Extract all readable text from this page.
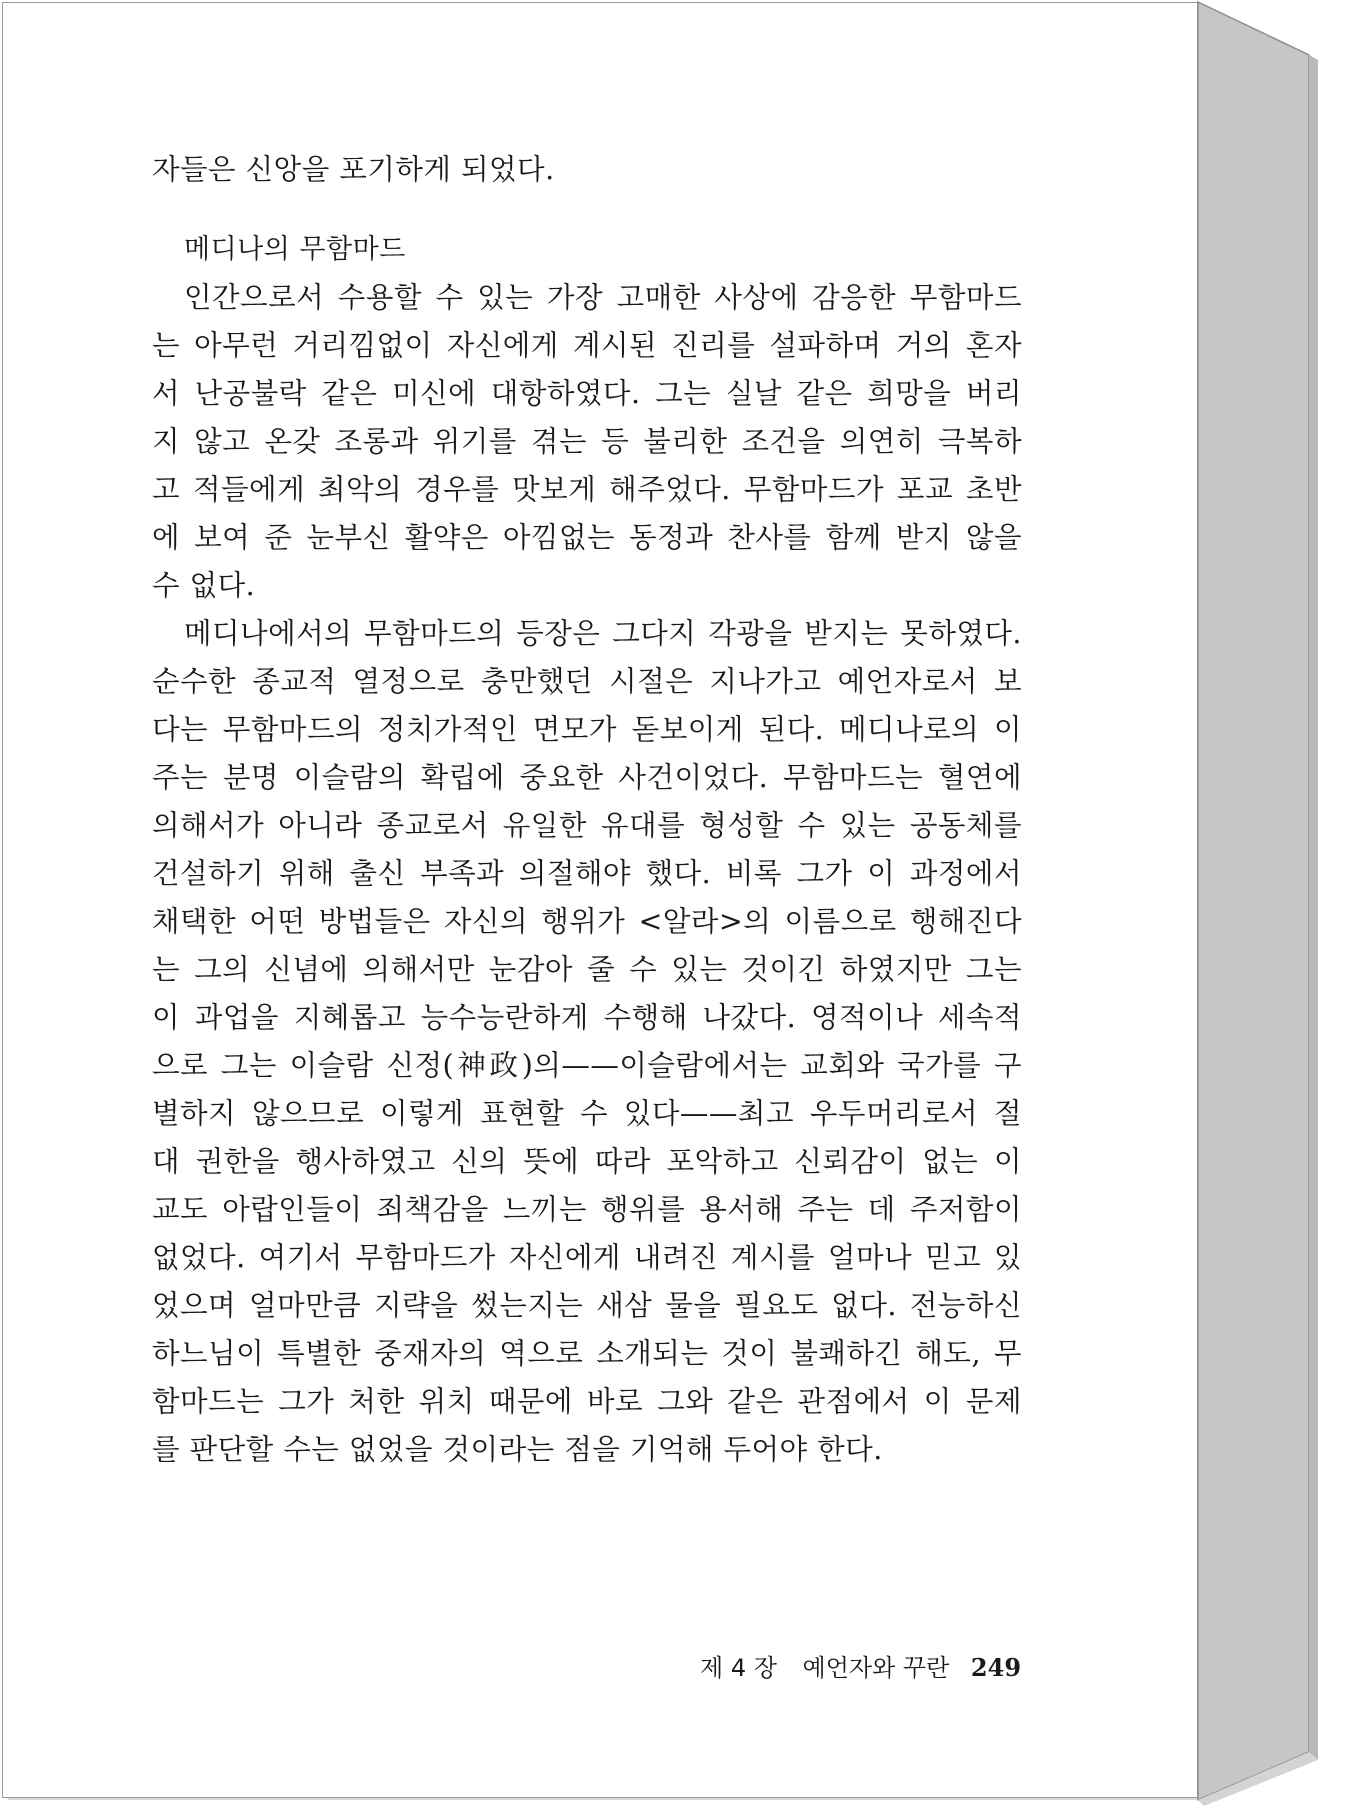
자들은 신앙을 포기하게 되었다.
메디나의 무함마드
인간으로서 수용할 수 있는 가장 고매한 사상에 감응한 무함마드
는 아무런 거리낌없이 자신에게 계시된 진리를 설파하며 거의 혼자
서 난공불락 같은 미신에 대항하였다. 그는 실날 같은 희망을 버리
지 않고 온갖 조롱과 위기를 겪는 등 불리한 조건을 의연히 극복하
고 적들에게 최악의 경우를 맛보게 해주었다. 무함마드가 포교 초반
에 보여 준 눈부신 활약은 아낌없는 동정과 찬사를 함께 받지 않을
수 없다.
메디나에서의 무함마드의 등장은 그다지 각광을 받지는 못하였다.
순수한 종교적 열정으로 충만했던 시절은 지나가고 예언자로서 보
다는 무함마드의 정치가적인 면모가 돋보이게 된다. 메디나로의 이
주는 분명 이슬람의 확립에 중요한 사건이었다. 무함마드는 혈연에
의해서가 아니라 종교로서 유일한 유대를 형성할 수 있는 공동체를
건설하기 위해 출신 부족과 의절해야 했다. 비록 그가 이 과정에서
채택한 어떤 방법들은 자신의 행위가 <알라>의 이름으로 행해진다
는 그의 신념에 의해서만 눈감아 줄 수 있는 것이긴 하였지만 그는
이 과업을 지혜롭고 능수능란하게 수행해 나갔다. 영적이나 세속적
으로 그는 이슬람 신정(神政)의——이슬람에서는 교회와 국가를 구
별하지 않으므로 이렇게 표현할 수 있다——최고 우두머리로서 절
대 권한을 행사하였고 신의 뜻에 따라 포악하고 신뢰감이 없는 이
교도 아랍인들이 죄책감을 느끼는 행위를 용서해 주는 데 주저함이
없었다. 여기서 무함마드가 자신에게 내려진 계시를 얼마나 믿고 있
었으며 얼마만큼 지략을 썼는지는 새삼 물을 필요도 없다. 전능하신
하느님이 특별한 중재자의 역으로 소개되는 것이 불쾌하긴 해도, 무
함마드는 그가 처한 위치 때문에 바로 그와 같은 관점에서 이 문제
를 판단할 수는 없었을 것이라는 점을 기억해 두어야 한다.
제 4 장 예언자와 꾸란 249
